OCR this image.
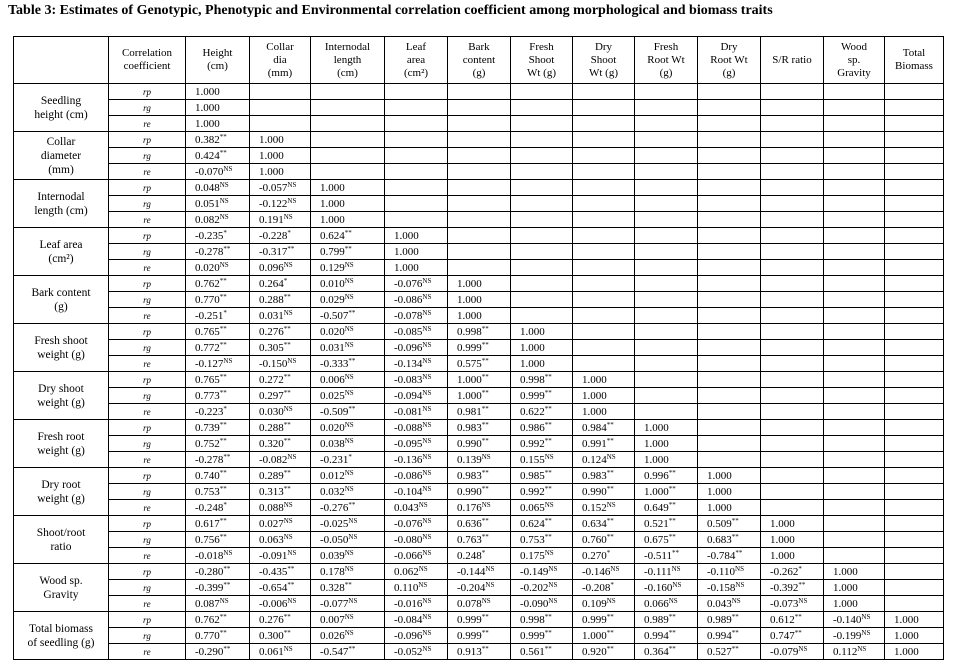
Table 3: Estimates of Genotypic, Phenotypic and Environmental correlation coefficient among morphological and biomass traits

	Correlation
coefficient	Height
(cm)	Collar
dia
(mm)	Internodal
length
(cm)	Leaf
area
(cm²)	Bark
content
(g)	Fresh
Shoot
Wt (g)	Dry
Shoot
Wt (g)	Fresh
Root Wt
(g)	Dry
Root Wt
(g)	S/R ratio	Wood
sp.
Gravity	Total
Biomass

Seedling
height (cm)	rp	1.000											
	rg	1.000											
	re	1.000											

Collar
diameter
(mm)	rp	0.382**	1.000										
	rg	0.424**	1.000										
	re	$-0.070^{NS}$	1.000										

Internodal
length (cm)	rp	$0.048^{NS}$	$-0.057^{NS}$	1.000									
	rg	$0.051^{NS}$	$-0.122^{NS}$	1.000									
	re	$0.082^{NS}$	$0.191^{NS}$	1.000									

Leaf area
(cm²)	rp	-0.235*	-0.228*	0.624**	1.000								
	rg	-0.278**	-0.317**	0.799**	1.000								
	re	$0.020^{NS}$	$0.096^{NS}$	$0.129^{NS}$	1.000								

Bark content
(g)	rp	0.762**	0.264*	$0.010^{NS}$	$-0.076^{NS}$	1.000							
	rg	0.770**	0.288**	$0.029^{NS}$	$-0.086^{NS}$	1.000							
	re	-0.251*	$0.031^{NS}$	-0.507**	$-0.078^{NS}$	1.000							

Fresh shoot
weight (g)	rp	0.765**	0.276**	$0.020^{NS}$	$-0.085^{NS}$	0.998**	1.000						
	rg	0.772**	0.305**	$0.031^{NS}$	$-0.096^{NS}$	0.999**	1.000						
	re	$-0.127^{NS}$	$-0.150^{NS}$	-0.333**	$-0.134^{NS}$	0.575**	1.000						

Dry shoot
weight (g)	rp	0.765**	0.272**	$0.006^{NS}$	$-0.083^{NS}$	1.000**	0.998**	1.000					
	rg	0.773**	0.297**	$0.025^{NS}$	$-0.094^{NS}$	1.000**	0.999**	1.000					
	re	-0.223*	$0.030^{NS}$	-0.509**	$-0.081^{NS}$	0.981**	0.622**	1.000					

Fresh root
weight (g)	rp	0.739**	0.288**	$0.020^{NS}$	$-0.088^{NS}$	0.983**	0.986**	0.984**	1.000				
	rg	0.752**	0.320**	$0.038^{NS}$	$-0.095^{NS}$	0.990**	0.992**	0.991**	1.000				
	re	-0.278**	$-0.082^{NS}$	-0.231*	$-0.136^{NS}$	$0.139^{NS}$	$0.155^{NS}$	$0.124^{NS}$	1.000				

Dry root
weight (g)	rp	0.740**	0.289**	$0.012^{NS}$	$-0.086^{NS}$	0.983**	0.985**	0.983**	0.996**	1.000			
	rg	0.753**	0.313**	$0.032^{NS}$	$-0.104^{NS}$	0.990**	0.992**	0.990**	1.000**	1.000			
	re	-0.248*	$0.088^{NS}$	-0.276**	$0.043^{NS}$	$0.176^{NS}$	$0.065^{NS}$	$0.152^{NS}$	0.649**	1.000			

Shoot/root
ratio	rp	0.617**	$0.027^{NS}$	$-0.025^{NS}$	$-0.076^{NS}$	0.636**	0.624**	0.634**	0.521**	0.509**	1.000		
	rg	0.756**	$0.063^{NS}$	$-0.050^{NS}$	$-0.080^{NS}$	0.763**	0.753**	0.760**	0.675**	0.683**	1.000		
	re	$-0.018^{NS}$	$-0.091^{NS}$	$0.039^{NS}$	$-0.066^{NS}$	0.248*	$0.175^{NS}$	0.270*	-0.511**	-0.784**	1.000		

Wood sp.
Gravity	rp	-0.280**	-0.435**	$0.178^{NS}$	$0.062^{NS}$	$-0.144^{NS}$	$-0.149^{NS}$	$-0.146^{NS}$	$-0.111^{NS}$	$-0.110^{NS}$	-0.262*	1.000	
	rg	-0.399**	-0.654**	0.328**	$0.110^{NS}$	$-0.204^{NS}$	$-0.202^{NS}$	-0.208*	$-0.160^{NS}$	$-0.158^{NS}$	-0.392**	1.000	
	re	$0.087^{NS}$	$-0.006^{NS}$	$-0.077^{NS}$	$-0.016^{NS}$	$0.078^{NS}$	$-0.090^{NS}$	$0.109^{NS}$	$0.066^{NS}$	$0.043^{NS}$	$-0.073^{NS}$	1.000	

Total biomass
of seedling (g)	rp	0.762**	0.276**	$0.007^{NS}$	$-0.084^{NS}$	0.999**	0.998**	0.999**	0.989**	0.989**	0.612**	$-0.140^{NS}$	1.000
	rg	0.770**	0.300**	$0.026^{NS}$	$-0.096^{NS}$	0.999**	0.999**	1.000**	0.994**	0.994**	0.747**	$-0.199^{NS}$	1.000
	re	-0.290**	$0.061^{NS}$	-0.547**	$-0.052^{NS}$	0.913**	0.561**	0.920**	0.364**	0.527**	$-0.079^{NS}$	$0.112^{NS}$	1.000
